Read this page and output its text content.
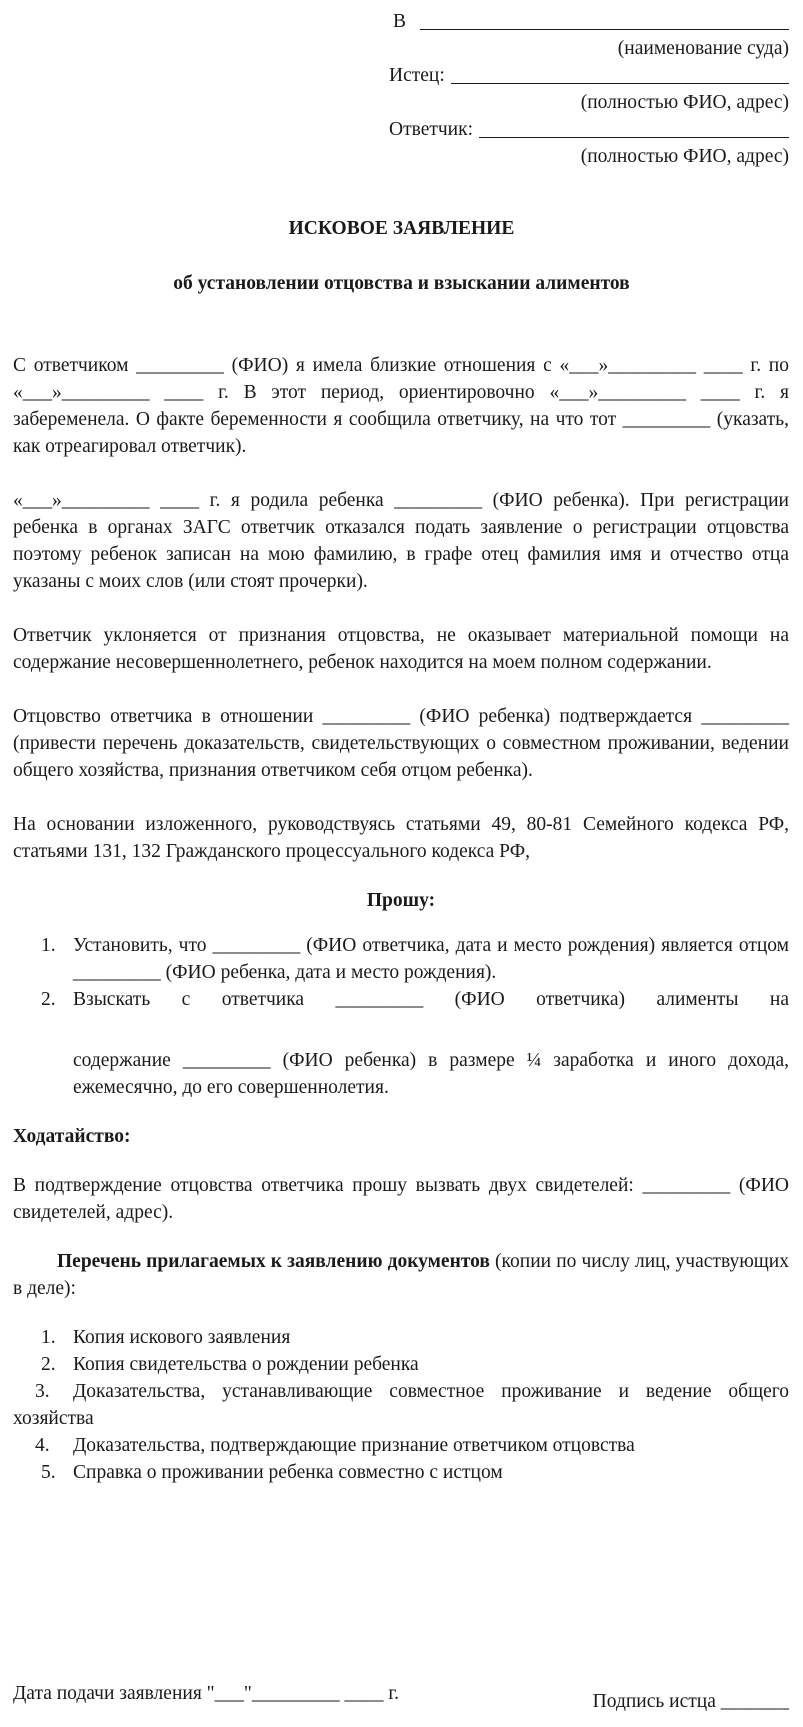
В
(наименование суда)
Истец:
(полностью ФИО, адрес)
Ответчик:
(полностью ФИО, адрес)
ИСКОВОЕ ЗАЯВЛЕНИЕ
об установлении отцовства и взыскании алиментов

С ответчиком _________ (ФИО) я имела близкие отношения с «___»_________ ____ г. по «___»_________ ____ г. В этот период, ориентировочно «___»_________ ____ г. я забеременела. О факте беременности я сообщила ответчику, на что тот _________ (указать, как отреагировал ответчик).

«___»_________ ____ г. я родила ребенка _________ (ФИО ребенка). При регистрации ребенка в органах ЗАГС ответчик отказался подать заявление о регистрации отцовства поэтому ребенок записан на мою фамилию, в графе отец фамилия имя и отчество отца указаны с моих слов (или стоят прочерки).

Ответчик уклоняется от признания отцовства, не оказывает материальной помощи на содержание несовершеннолетнего, ребенок находится на моем полном содержании.

Отцовство ответчика в отношении _________ (ФИО ребенка) подтверждается _________ (привести перечень доказательств, свидетельствующих о совместном проживании, ведении общего хозяйства, признания ответчиком себя отцом ребенка).

На основании изложенного, руководствуясь статьями 49, 80-81 Семейного кодекса РФ, статьями 131, 132 Гражданского процессуального кодекса РФ,

Прошу:
1. Установить, что _________ (ФИО ответчика, дата и место рождения) является отцом _________ (ФИО ребенка, дата и место рождения).
2. Взыскать с ответчика _________ (ФИО ответчика) алименты на

содержание _________ (ФИО ребенка) в размере ¼ заработка и иного дохода, ежемесячно, до его совершеннолетия.

Ходатайство:

В подтверждение отцовства ответчика прошу вызвать двух свидетелей: _________ (ФИО свидетелей, адрес).

Перечень прилагаемых к заявлению документов (копии по числу лиц, участвующих в деле):

1. Копия искового заявления
2. Копия свидетельства о рождении ребенка
3. Доказательства, устанавливающие совместное проживание и ведение общего хозяйства
4. Доказательства, подтверждающие признание ответчиком отцовства
5. Справка о проживании ребенка совместно с истцом
Дата подачи заявления "___"_________ ____ г.	Подпись истца _______
